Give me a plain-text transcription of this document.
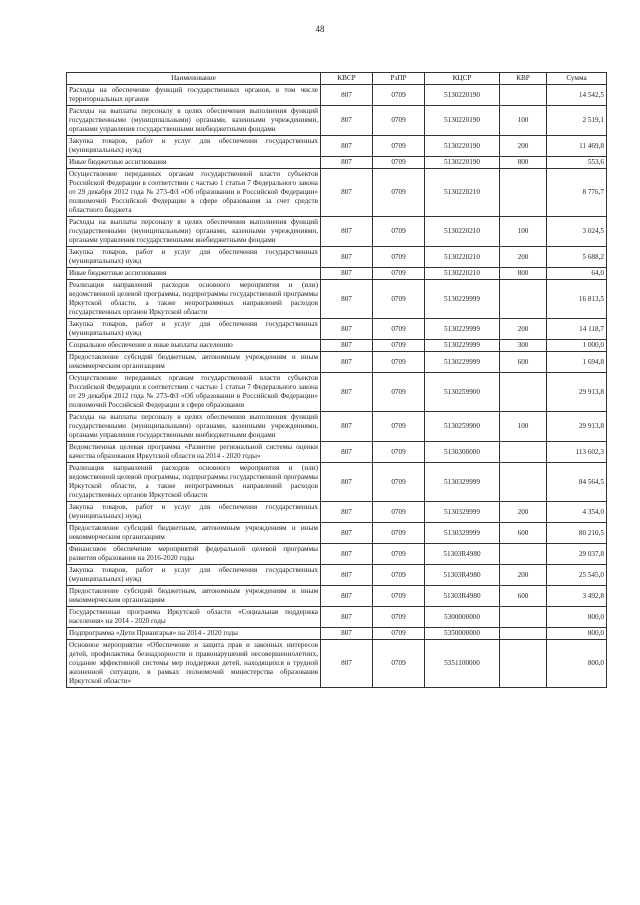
48
Наименование	КВСР	РзПР	КЦСР	КВР	Сумма
Расходы на обеспечение функций государственных органов, в том числе территориальных органов	807	0709	5130220190		14 542,5
Расходы на выплаты персоналу в целях обеспечения выполнения функций государственными (муниципальными) органами, казенными учреждениями, органами управления государственными внебюджетными фондами	807	0709	5130220190	100	2 519,1
Закупка товаров, работ и услуг для обеспечения государственных (муниципальных) нужд	807	0709	5130220190	200	11 469,8
Иные бюджетные ассигнования	807	0709	5130220190	800	553,6
Осуществление переданных органам государственной власти субъектов Российской Федерации в соответствии с частью 1 статьи 7 Федерального закона от 29 декабря 2012 года № 273-ФЗ «Об образовании в Российской Федерации» полномочий Российской Федерации в сфере образования за счет средств областного бюджета	807	0709	5130220210		8 776,7
Расходы на выплаты персоналу в целях обеспечения выполнения функций государственными (муниципальными) органами, казенными учреждениями, органами управления государственными внебюджетными фондами	807	0709	5130220210	100	3 024,5
Закупка товаров, работ и услуг для обеспечения государственных (муниципальных) нужд	807	0709	5130220210	200	5 688,2
Иные бюджетные ассигнования	807	0709	5130220210	800	64,0
Реализация направлений расходов основного мероприятия и (или) ведомственной целевой программы, подпрограммы государственной программы Иркутской области, а также непрограммных направлений расходов государственных органов Иркутской области	807	0709	5130229999		16 813,5
Закупка товаров, работ и услуг для обеспечения государственных (муниципальных) нужд	807	0709	5130229999	200	14 118,7
Социальное обеспечение и иные выплаты населению	807	0709	5130229999	300	1 000,0
Предоставление субсидий бюджетным, автономным учреждениям и иным некоммерческим организациям	807	0709	5130229999	600	1 694,8
Осуществление переданных органам государственной власти субъектов Российской Федерации в соответствии с частью 1 статьи 7 Федерального закона от 29 декабря 2012 года № 273-ФЗ «Об образовании в Российской Федерации» полномочий Российской Федерации в сфере образования	807	0709	5130259900		29 913,8
Расходы на выплаты персоналу в целях обеспечения выполнения функций государственными (муниципальными) органами, казенными учреждениями, органами управления государственными внебюджетными фондами	807	0709	5130259900	100	29 913,8
Ведомственная целевая программа «Развитие региональной системы оценки качества образования Иркутской области на 2014 - 2020 годы»	807	0709	5130300000		113 602,3
Реализация направлений расходов основного мероприятия и (или) ведомственной целевой программы, подпрограммы государственной программы Иркутской области, а также непрограммных направлений расходов государственных органов Иркутской области	807	0709	5130329999		84 564,5
Закупка товаров, работ и услуг для обеспечения государственных (муниципальных) нужд	807	0709	5130329999	200	4 354,0
Предоставление субсидий бюджетным, автономным учреждениям и иным некоммерческим организациям	807	0709	5130329999	600	80 210,5
Финансовое обеспечение мероприятий федеральной целевой программы развития образования на 2016-2020 годы	807	0709	51303R4980		29 037,8
Закупка товаров, работ и услуг для обеспечения государственных (муниципальных) нужд	807	0709	51303R4980	200	25 545,0
Предоставление субсидий бюджетным, автономным учреждениям и иным некоммерческим организациям	807	0709	51303R4980	600	3 492,8
Государственная программа Иркутской области «Социальная поддержка населения» на 2014 - 2020 годы	807	0709	5300000000		800,0
Подпрограмма «Дети Приангарья» на 2014 - 2020 годы	807	0709	5350000000		800,0
Основное мероприятие «Обеспечение и защита прав и законных интересов детей, профилактика безнадзорности и правонарушений несовершеннолетних, создание эффективной системы мер поддержки детей, находящихся в трудной жизненной ситуации, в рамках полномочий министерства образования Иркутской области»	807	0709	5351100000		800,0
